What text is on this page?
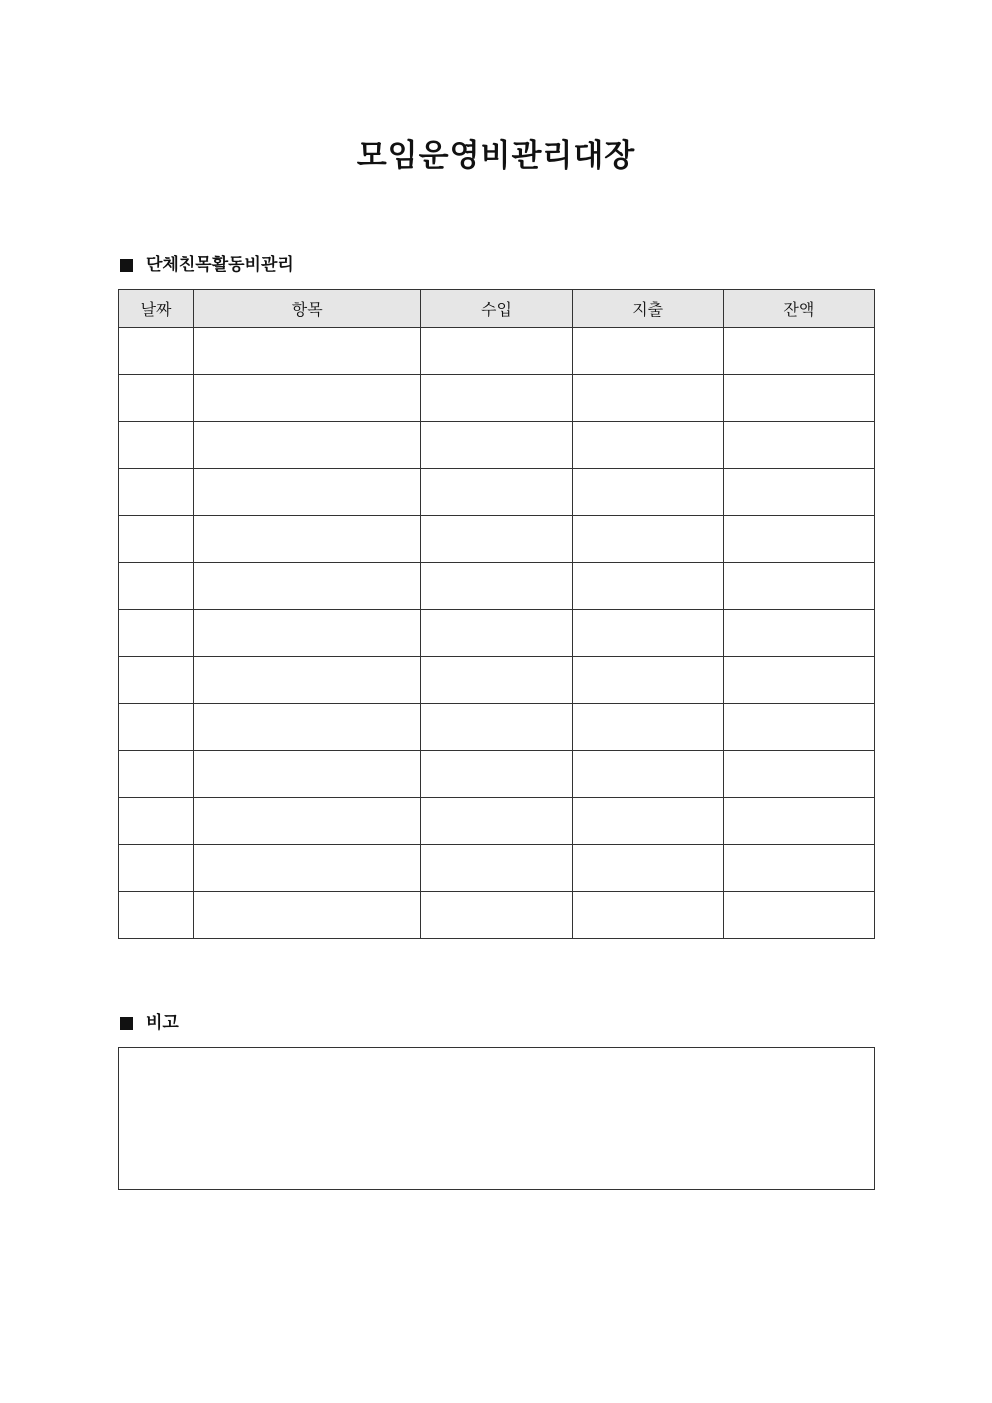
모임운영비관리대장
단체친목활동비관리
날짜	항목	수입	지출	잔액

비고
